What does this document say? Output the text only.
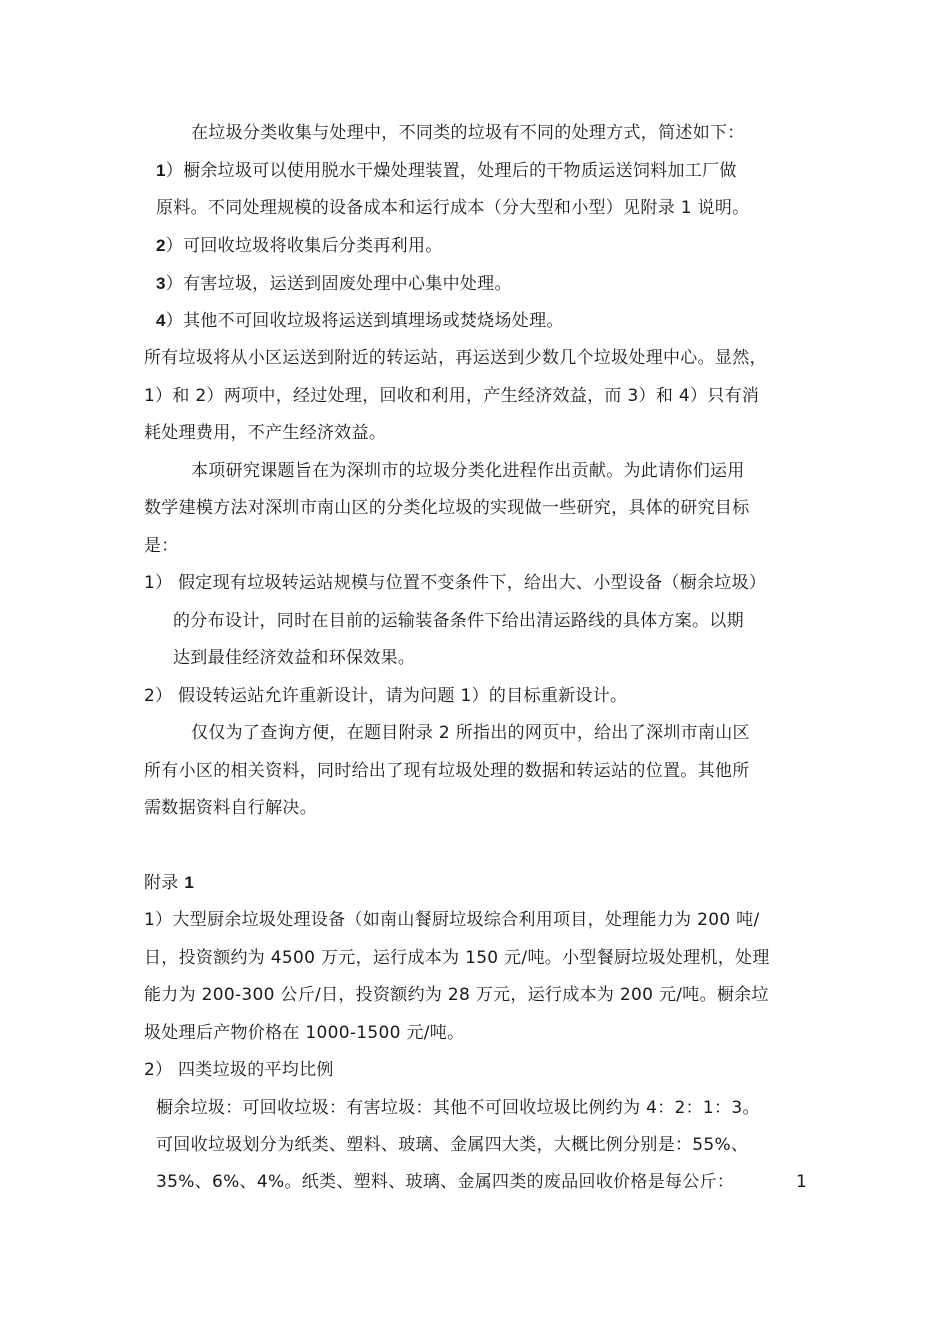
在垃圾分类收集与处理中，不同类的垃圾有不同的处理方式，简述如下：
1）橱余垃圾可以使用脱水干燥处理装置，处理后的干物质运送饲料加工厂做
原料。不同处理规模的设备成本和运行成本（分大型和小型）见附录 1 说明。
2）可回收垃圾将收集后分类再利用。
3）有害垃圾，运送到固废处理中心集中处理。
4）其他不可回收垃圾将运送到填埋场或焚烧场处理。
所有垃圾将从小区运送到附近的转运站，再运送到少数几个垃圾处理中心。显然，
1）和 2）两项中，经过处理，回收和利用，产生经济效益，而 3）和 4）只有消
耗处理费用，不产生经济效益。
本项研究课题旨在为深圳市的垃圾分类化进程作出贡献。为此请你们运用
数学建模方法对深圳市南山区的分类化垃圾的实现做一些研究，具体的研究目标
是：
1） 假定现有垃圾转运站规模与位置不变条件下，给出大、小型设备（橱余垃圾）
的分布设计，同时在目前的运输装备条件下给出清运路线的具体方案。以期
达到最佳经济效益和环保效果。
2） 假设转运站允许重新设计，请为问题 1）的目标重新设计。
仅仅为了查询方便，在题目附录 2 所指出的网页中，给出了深圳市南山区
所有小区的相关资料，同时给出了现有垃圾处理的数据和转运站的位置。其他所
需数据资料自行解决。
附录 1
1）大型厨余垃圾处理设备（如南山餐厨垃圾综合利用项目，处理能力为 200 吨/
日，投资额约为 4500 万元，运行成本为 150 元/吨。小型餐厨垃圾处理机，处理
能力为 200-300 公斤/日，投资额约为 28 万元，运行成本为 200 元/吨。橱余垃
圾处理后产物价格在 1000-1500 元/吨。
2） 四类垃圾的平均比例
橱余垃圾：可回收垃圾：有害垃圾：其他不可回收垃圾比例约为 4：2：1：3。
可回收垃圾划分为纸类、塑料、玻璃、金属四大类，大概比例分别是：55%、
35%、6%、4%。纸类、塑料、玻璃、金属四类的废品回收价格是每公斤：	1
